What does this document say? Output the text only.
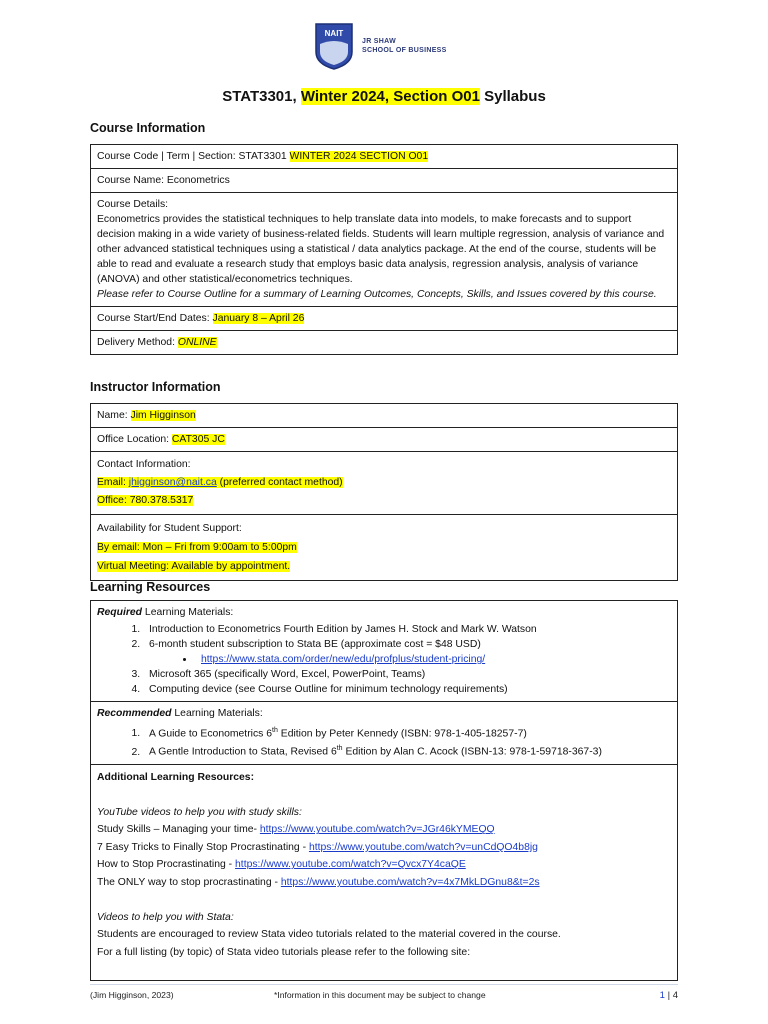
NAIT
JR SHAW
SCHOOL OF BUSINESS
STAT3301, Winter 2024, Section O01 Syllabus
Course Information
Course Code | Term | Section: STAT3301 WINTER 2024 SECTION O01
Course Name: Econometrics

Course Details:

Econometrics provides the statistical techniques to help translate data into models, to make forecasts and to support decision making in a wide variety of business-related fields. Students will learn multiple regression, analysis of variance and other advanced statistical techniques using a statistical / data analytics package. At the end of the course, students will be able to read and evaluate a research study that employs basic data analysis, regression analysis, analysis of variance (ANOVA) and other statistical/econometrics techniques.

Please refer to Course Outline for a summary of Learning Outcomes, Concepts, Skills, and Issues covered by this course.

Course Start/End Dates: January 8 – April 26
Delivery Method: ONLINE
Instructor Information
Name: Jim Higginson
Office Location: CAT305 JC

Contact Information:

Email: jhigginson@nait.ca (preferred contact method)

Office: 780.378.5317

Availability for Student Support:

By email: Mon – Fri from 9:00am to 5:00pm

Virtual Meeting: Available by appointment.

Learning Resources

Required Learning Materials:

1. Introduction to Econometrics Fourth Edition by James H. Stock and Mark W. Watson
2. 6-month student subscription to Stata BE (approximate cost = $48 USD)
• https://www.stata.com/order/new/edu/profplus/student-pricing/
3. Microsoft 365 (specifically Word, Excel, PowerPoint, Teams)
4. Computing device (see Course Outline for minimum technology requirements)

Recommended Learning Materials:

1. A Guide to Econometrics 6th Edition by Peter Kennedy (ISBN: 978-1-405-18257-7)
2. A Gentle Introduction to Stata, Revised 6th Edition by Alan C. Acock (ISBN-13: 978-1-59718-367-3)

Additional Learning Resources:

YouTube videos to help you with study skills:

Study Skills – Managing your time- https://www.youtube.com/watch?v=JGr46kYMEQQ

7 Easy Tricks to Finally Stop Procrastinating - https://www.youtube.com/watch?v=unCdQO4b8jg

How to Stop Procrastinating - https://www.youtube.com/watch?v=Qvcx7Y4caQE

The ONLY way to stop procrastinating - https://www.youtube.com/watch?v=4x7MkLDGnu8&t=2s

Videos to help you with Stata:

Students are encouraged to review Stata video tutorials related to the material covered in the course.

For a full listing (by topic) of Stata video tutorials please refer to the following site:

(Jim Higginson, 2023)	*Information in this document may be subject to change	1 | 4
